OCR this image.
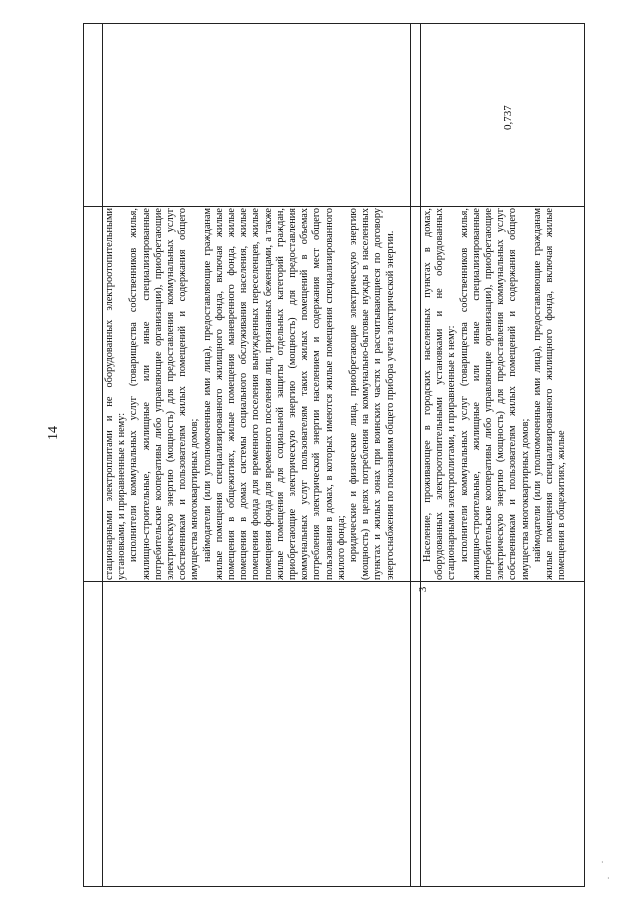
14
3
0,737

стационарными электроплитами и не оборудованных электроотопительными установками, и приравненные к нему: исполнители коммунальных услуг (товарищества собственников жилья, жилищно-строительные, жилищные или иные специализированные потребительские кооперативы либо управляющие организации), приобретающие электрическую энергию (мощность) для предоставления коммунальных услуг собственникам и пользователям жилых помещений и содержания общего имущества многоквартирных домов; наймодатели (или уполномоченные ими лица), предоставляющие гражданам жилые помещения специализированного жилищного фонда, включая жилые помещения в общежитиях, жилые помещения маневренного фонда, жилые помещения в домах системы социального обслуживания населения, жилые помещения фонда для временного поселения вынужденных переселенцев, жилые помещения фонда для временного поселения лиц, признанных беженцами, а также жилые помещения для социальной защиты отдельных категорий граждан, приобретающие электрическую энергию (мощность) для предоставления коммунальных услуг пользователям таких жилых помещений в объемах потребления электрической энергии населением и содержания мест общего пользования в домах, в которых имеются жилые помещения специализированного жилого фонда; юридические и физические лица, приобретающие электрическую энергию (мощность) в целях потребления на коммунально-бытовые нужды в населенных пунктах и жилых зонах при воинских частях и рассчитывающиеся по договору энергоснабжения по показаниям общего прибора учета электрической энергии.	Население, проживающее в городских населенных пунктах в домах, оборудованных электроотопительными установками и не оборудованных стационарными электроплитами, и приравненные к нему: исполнители коммунальных услуг (товарищества собственников жилья, жилищно-строительные, жилищные или иные специализированные потребительские кооперативы либо управляющие организации), приобретающие электрическую энергию (мощность) для предоставления коммунальных услуг собственникам и пользователям жилых помещений и содержания общего имущества многоквартирных домов; наймодатели (или уполномоченные ими лица), предоставляющие гражданам жилые помещения специализированного жилищного фонда, включая жилые помещения в общежитиях, жилые

·
·
